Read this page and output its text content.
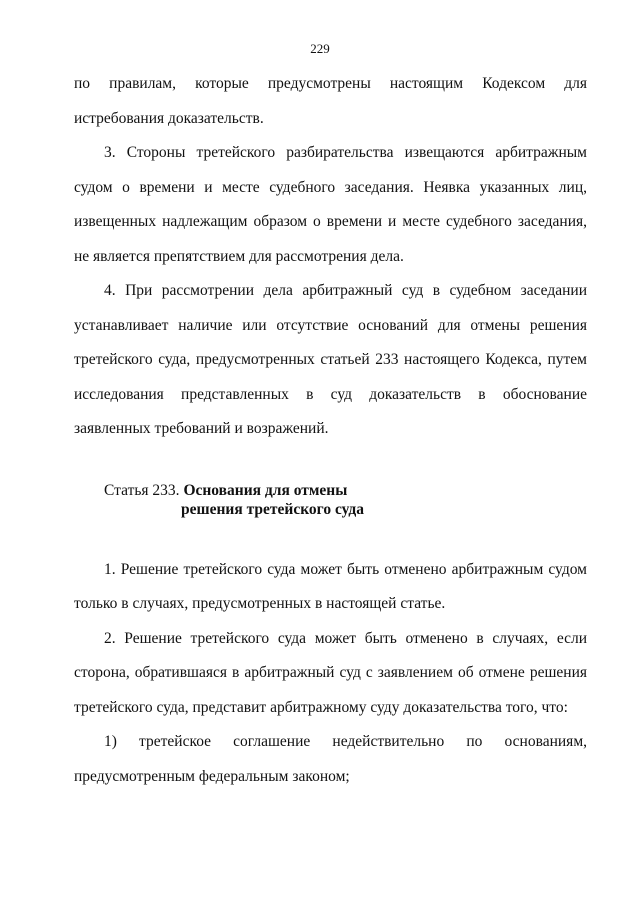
229

по правилам, которые предусмотрены настоящим Кодексом для истребования доказательств.

3. Стороны третейского разбирательства извещаются арбитражным судом о времени и месте судебного заседания. Неявка указанных лиц, извещенных надлежащим образом о времени и месте судебного заседания, не является препятствием для рассмотрения дела.

4. При рассмотрении дела арбитражный суд в судебном заседании устанавливает наличие или отсутствие оснований для отмены решения третейского суда, предусмотренных статьей 233 настоящего Кодекса, путем исследования представленных в суд доказательств в обоснование заявленных требований и возражений.

Статья 233. Основания для отмены
решения третейского суда

1. Решение третейского суда может быть отменено арбитражным судом только в случаях, предусмотренных в настоящей статье.

2. Решение третейского суда может быть отменено в случаях, если сторона, обратившаяся в арбитражный суд с заявлением об отмене решения третейского суда, представит арбитражному суду доказательства того, что:

1) третейское соглашение недействительно по основаниям, предусмотренным федеральным законом;
